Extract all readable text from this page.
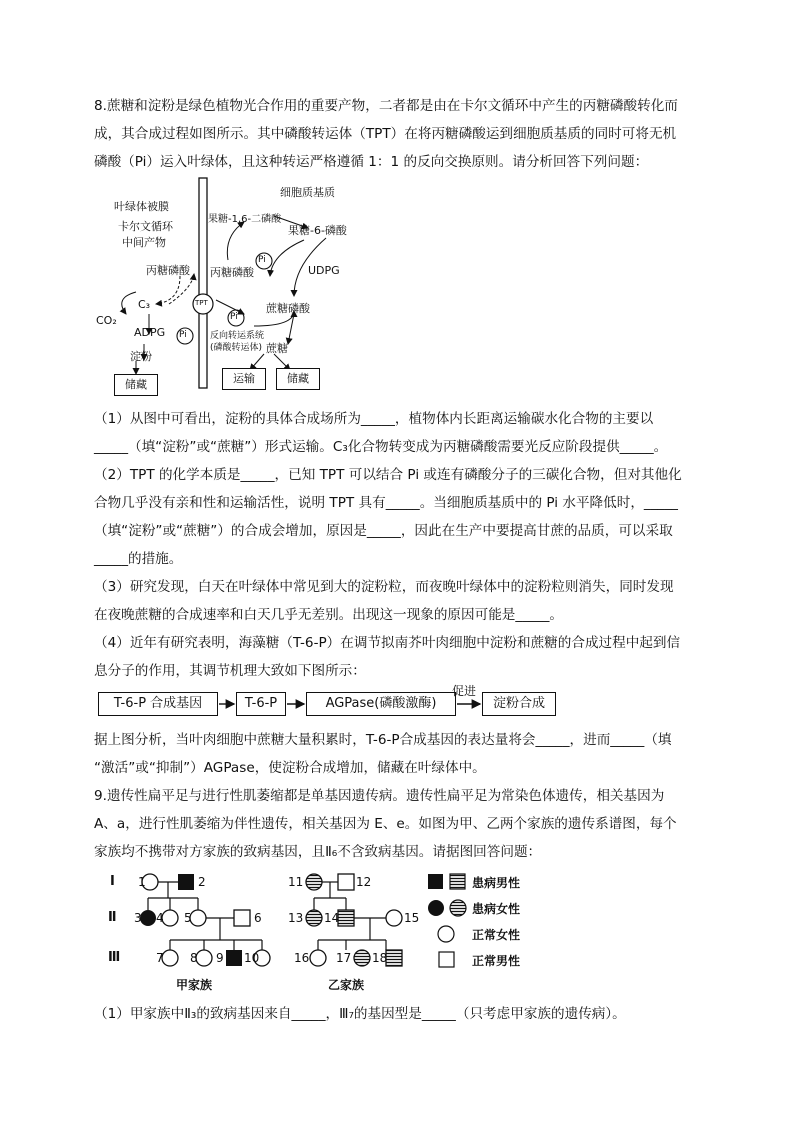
8.蔗糖和淀粉是绿色植物光合作用的重要产物，二者都是由在卡尔文循环中产生的丙糖磷酸转化而

成，其合成过程如图所示。其中磷酸转运体（TPT）在将丙糖磷酸运到细胞质基质的同时可将无机

磷酸（Pi）运入叶绿体，且这种转运严格遵循 1：1 的反向交换原则。请分析回答下列问题：

叶绿体被膜
卡尔文循环
中间产物
细胞质基质
果糖-1,6-二磷酸
果糖-6-磷酸
丙糖磷酸 丙糖磷酸
Pi
Pi
Pi
UDPG
TPT
C₃
CO₂
ADPG
淀粉
蔗糖磷酸
反向转运系统
(磷酸转运体) 蔗糖
储藏	运输	储藏

（1）从图中可看出，淀粉的具体合成场所为_____，植物体内长距离运输碳水化合物的主要以

_____（填“淀粉”或“蔗糖”）形式运输。C₃化合物转变成为丙糖磷酸需要光反应阶段提供_____。

（2）TPT 的化学本质是_____，已知 TPT 可以结合 Pi 或连有磷酸分子的三碳化合物，但对其他化

合物几乎没有亲和性和运输活性，说明 TPT 具有_____。当细胞质基质中的 Pi 水平降低时，_____

（填“淀粉”或“蔗糖”）的合成会增加，原因是_____，因此在生产中要提高甘蔗的品质，可以采取

_____的措施。

（3）研究发现，白天在叶绿体中常见到大的淀粉粒，而夜晚叶绿体中的淀粉粒则消失，同时发现

在夜晚蔗糖的合成速率和白天几乎无差别。出现这一现象的原因可能是_____。

（4）近年有研究表明，海藻糖（T-6-P）在调节拟南芥叶肉细胞中淀粉和蔗糖的合成过程中起到信

息分子的作用，其调节机理大致如下图所示：

T-6-P 合成基因	T-6-P	AGPase(磷酸激酶)
促进
淀粉合成

据上图分析，当叶肉细胞中蔗糖大量积累时，T-6-P合成基因的表达量将会_____，进而_____（填

“激活”或“抑制”）AGPase，使淀粉合成增加，储藏在叶绿体中。

9.遗传性扁平足与进行性肌萎缩都是单基因遗传病。遗传性扁平足为常染色体遗传，相关基因为

A、a，进行性肌萎缩为伴性遗传，相关基因为 E、e。如图为甲、乙两个家族的遗传系谱图，每个

家族均不携带对方家族的致病基因，且Ⅱ₆不含致病基因。请据图回答问题：

Ⅰ
Ⅱ
Ⅲ
1	2
3 4 5	6
7 8 9 10
11	12
13 14	15
16 17 18
甲家族	乙家族
患病男性
患病女性
正常女性
正常男性

（1）甲家族中Ⅱ₃的致病基因来自_____，Ⅲ₇的基因型是_____（只考虑甲家族的遗传病）。
